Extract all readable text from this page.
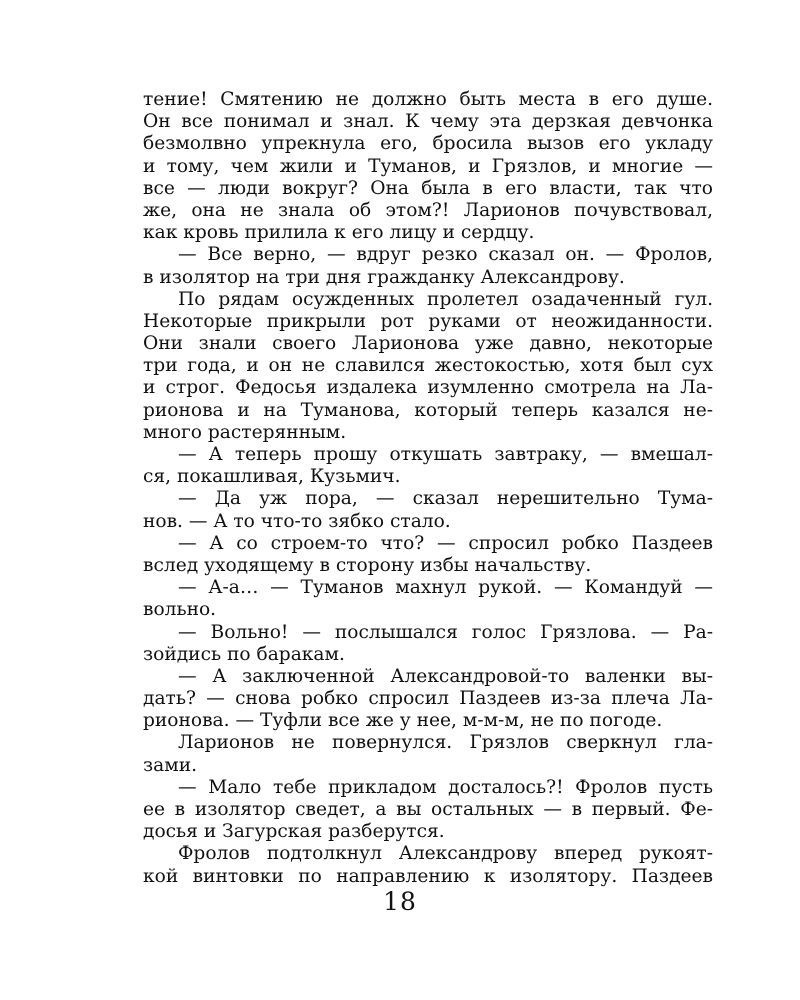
тение! Смятению не должно быть места в его душе.
Он все понимал и знал. К чему эта дерзкая девчонка
безмолвно упрекнула его, бросила вызов его укладу
и тому, чем жили и Туманов, и Грязлов, и многие —
все — люди вокруг? Она была в его власти, так что
же, она не знала об этом?! Ларионов почувствовал,
как кровь прилила к его лицу и сердцу.
— Все верно, — вдруг резко сказал он. — Фролов,
в изолятор на три дня гражданку Александрову.
По рядам осужденных пролетел озадаченный гул.
Некоторые прикрыли рот руками от неожиданности.
Они знали своего Ларионова уже давно, некоторые
три года, и он не славился жестокостью, хотя был сух
и строг. Федосья издалека изумленно смотрела на Ла-
рионова и на Туманова, который теперь казался не-
много растерянным.
— А теперь прошу откушать завтраку, — вмешал-
ся, покашливая, Кузьмич.
— Да уж пора, — сказал нерешительно Тума-
нов. — А то что-то зябко стало.
— А со строем-то что? — спросил робко Паздеев
вслед уходящему в сторону избы начальству.
— А-а… — Туманов махнул рукой. — Командуй —
вольно.
— Вольно! — послышался голос Грязлова. — Ра-
зойдись по баракам.
— А заключенной Александровой-то валенки вы-
дать? — снова робко спросил Паздеев из-за плеча Ла-
рионова. — Туфли все же у нее, м-м-м, не по погоде.
Ларионов не повернулся. Грязлов сверкнул гла-
зами.
— Мало тебе прикладом досталось?! Фролов пусть
ее в изолятор сведет, а вы остальных — в первый. Фе-
досья и Загурская разберутся.
Фролов подтолкнул Александрову вперед рукоят-
кой винтовки по направлению к изолятору. Паздеев
18
